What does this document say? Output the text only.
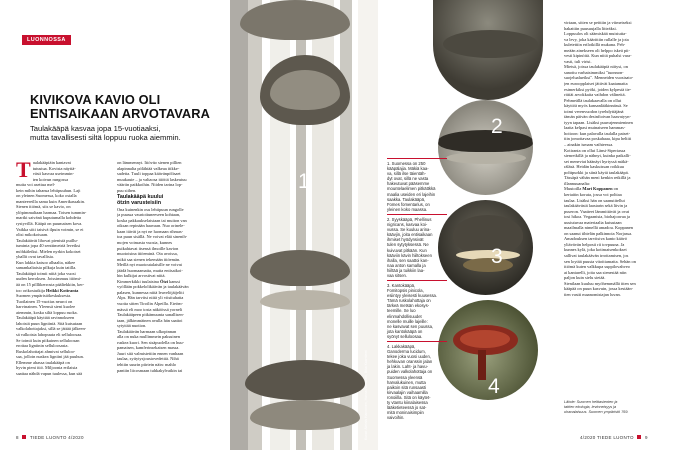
LUONNOSSA
KIVIKOVA KAVIO OLI
ENTISAIKAAN ARVOTAVARA
Taulakääpä kasvaa jopa 15-vuotiaaksi,
mutta tavallisesti siltä loppuu ruoka aiemmin.
T aulakääpiäin kantavat
tutustua. Kovista näyttä-
västi kasvaa useimmin-
ten koivun rungossa
mutta voi asettua mel-
kein mihin tahansa lehtipuuhun. Laji
on yleinen Suomessa, koko ostalla
manteereilla sama kuin Amerikassakin.
Sienen itiömä, siis se kavio, on
ylöpimmaltaan harmaa. Toisen tummin-
martki saivänä kuputumalla kohdetta
rystyvillä. Kääpä on puumaisen kova.
Vaikka siiti taisivä ilpuin voimin, se ei
olisi mikokoisaan.
Taulakäävät lihovat pienistä puillu-
tuminta jopa 40 senttimetriä leveiksi
möhkäleiksi. Mielen nyrkin kokoiset
yhallit ovat tavallisia.
Kun lakkia katsoo alhaalta, näkee
samankaltaisia pilkuja kuin tatilla.
Taulakääpä toimii niitä joka vuosi
uuden kerroksen. Joissimmuu itiömi-
ää on 15 pilllikerrosta pääliekkiin, ker-
too orikostutkija Heikki Kotiranta
Suomen ympäristökeskuksesta.
Tuoilainen 15-vuotias neuroi on
harvinainen. Yleensä sieni kuolee
aiemmin, koska siltä loppuu ruoka.
Taulakääpä käyttää ravinnokseen
lahoistä puun ligniiniä. Sitä kutsutaan
valkolahottajaksi, sillä se jättää jälkeen-
sä valkoista lahopuuta eli selluloosaa.
Se toimii kuin piikuinen selluloosan
erottaa ligniinin selluloosasta.
Ruskolahottajat ahmivat selluloo-
saa, jolloin nuskea ligniini jää puuhun.
Ellemme ahassa taulakääpä on
hyvin pieni itiö. Miljoonia erilaisia
saattaa nähdä vapun tuulessa, kun sää
on lämmennyt. Itiöväo sienen pillien
alapinnalta pölähtää valkeaa itikke-
sadetta. Tuuli toppaa käävänpölisaet
muukauie – ja valtaosa itiöitä laskeutuu
vääriin paikkoihin. Niiden tarina lop-
puu siihen.
Taulakääpä kuului
ötzin varusteisiin
Ona kuinenkin osu lehtipuun rungolle
ja puussa vaurioituneeseen kohtaan,
koska pakkaukselaistaan tai muiton van
oiksan repinään haavaan. Nuo orinele-
kaan itävät ja nyt ne luomaan rihmas-
toa puun sisällä. Ne voivat elää sinenih-
mojen voimasta vuosia, kunnes
puikahtavat itsensä ilmoille kavion
muotoisina itiöeminä. Ota avoissa,
mikä saa sienen tekemään itiöemän.
Meillä nyt muotoutalaisille ne voivat
jäädä huomaamatta, mutta entisaikoi-
hin kulkijat arvostivat niitä.
Kimmerkikki tuulaisina Ötzi kanssi
vyöllään pokkelolikäävän ja taulakäävän
palasen, kunnessa niitä leuvelöjäijeliti
Alps. Hän tarvitsi niitä yli viisituhatta
vuotta sitten Tiroilin Alpeilla. Eteöm-
mässä eli moo tosta näköössä yorneli
Taulakääpeen pitkämuunta sanallisen-
taan, jälkimmäinen avulla hän saattoi
sytyttää nuotion.
Taulakäävän harmaan ulkopinnan
alla on nuka mullimmein paksuinen
ruskea kuori. Sen sisäpuolella on huu-
pamaisen, kamferinsekaisen massa.
Juuri sitä valmistettiin ennen vanhaan
taulaa, syttytysjoustovedettiä. Nihä
tehtiin suurin piirtein näin: mahlo
pantiin liicosmaan tuhkakylvaikin tai
8 TIEDE LUONTO 4/2020
1
Kuvat: Aleksis Hannonen, Hanna Nieminen, Ilkka Kaarniemi
2
3
4
1. Suomessa on 250
kääpälajia. Mäkiä kaa-
va, sillä ilse täientäh-
dyt ovat, sillä ne vasta
hakeutuvat pääsemme
mountelaelimen pitkättkkä
maalia useiden eri lajeihin
saakka. Taulakääpä,
Fomes fomentarius, on
yleinen koko maassa.
2. Syyskääpä, Phellinus
nigricans, kasvaa koi-
vussa. Se kuuluu arina-
käävjin, joita entisaikaan
ihmiset hyödynsivät
tulen sytytyksessä. Ne
kuivuvat pitkään. Kun
kääviin kävin hiiltokseen
ihalla, sen saattoi kan-
naa anton samalla ja
hiiltää ja tuikkiin laa-
vaa sitsen.
3. Kantokääpä,
Fomitopsis pinicola,
esiintyy yleisesti kuusessa.
Tämä ruskolahottaja on
tärkeä metsän ekosys-
teemille. Se luo
elinmahdollisuudet
monelle muille lajeille:
ne kasvavat sen puussa,
jota kantokääpä on
syönyt selluloosaa.
4. Lakkakääpä,
Ganoderma lucidum,
tekee joka vuosi uuden,
hehkuvan oranssin jalan
ja lakin. Laht- ja havu-
puiden valkolahottaja on
Suomessa yleensä
harvalukuinen, mutta
paikoin sitä runsaasti
kirvaalajin vaihaamilla
ronoiilla. Sitä on käytet-
ty vtantu kiinalaisessa
lääketieteessä jo sat-
mitä moninaisimpiin
vaivoihin.
virtaan, sitten se peittiin ja viimeiseksi
hakattiin puusuujalla litteäksi.
Loppuulos oli säämiskää muistutta-
va levy, joka käärittiin rullalle ja jota
kuletettiin erilotkillä mukana. Peh-
meään ainekseen oli helppo iskeä pii-
vesti kipinöitä. Kun niitä puhalsi vara-
vasti, tuli virisi.
Mietsä, joissa taulakääpiä niitysi, on
sanottu varhaisimmiksi "tuonnon-
suojelualueiksi". Menneiden vuosisato-
jen euroopplaiset jättivät kaatamatta
esimerkiksi pyöki, joiden kylpestä tie-
rittiäi arvokkaita vaihdon välineitä.
Pehmeällä taulakaavalla on ollut
käyttöä myös kansanlääkinnässä. Se
toimi verenvuodon tyrehdyttäjänä
tämän päivän desinfioivan haavatyyn-
tyyn tapaan. Lisäksi puuvajenmieninen
laatta kelpasi muinaiseen hammas-
hoitoon: kun palavalla taulalla paiset-
tiin jomottavaa poskahaaa, kipu heltiti
– ainakin ismam vaihteessa.
Kotiranta on ollut Länsi-Siperiassa
sienretkillä ja nähnyt, kuinka paikalli-
set meneviat häänäyt hyrtyssä mäkä-
räläsä. Heidän kaskuissan roikkuu
polttpurkki ja siinä käytä taulakääpä.
Tässäpä vähän meni kenkin retkillä ja
illannuuanalta:
Muutoilla Mari Koppanen on
kertaitin koruta, jossa voi polttaa
taulaa. Lisäksi hän on saanutitellut
taulakäävästä laastarin sekä liivin ja
puseron. Vaatteet lämmittävät ja ovat
tosi hikoa. Vegaanisia, biohajoavaa ja
uusiutuvaa materiaalia kutsutaan
maailmalla nimellä amadou. Koppanen
on saanut tihtelän palkinnoia Norjassa.
Amadouksen tarvitsiva kanto käävö
yliävävän helposti rii tovpuuna. Ja
kunnes kylä, joka kotimaisenkokset
sallivat taulakäävän irrottamisen, jos
sen loytää puusta vitoittamatta. Sehän on
itiömä kuten valkkupa suppilovahveo
ai kantarelli, joita saa sienestää niin
paljon kuin sielu sietää.
Sienilaan kuuluu myöhemmällä itten sen
kääpää on puun kasvuin, jossa kestään-
tien vastti maanomistajan luvan.
Lähde: Suomen helttasienten ja
tattien ekologia, levinneisyys ja
uhanalaisuus. Suomen ympäristö 769.
4/2020 TIEDE LUONTO 9
